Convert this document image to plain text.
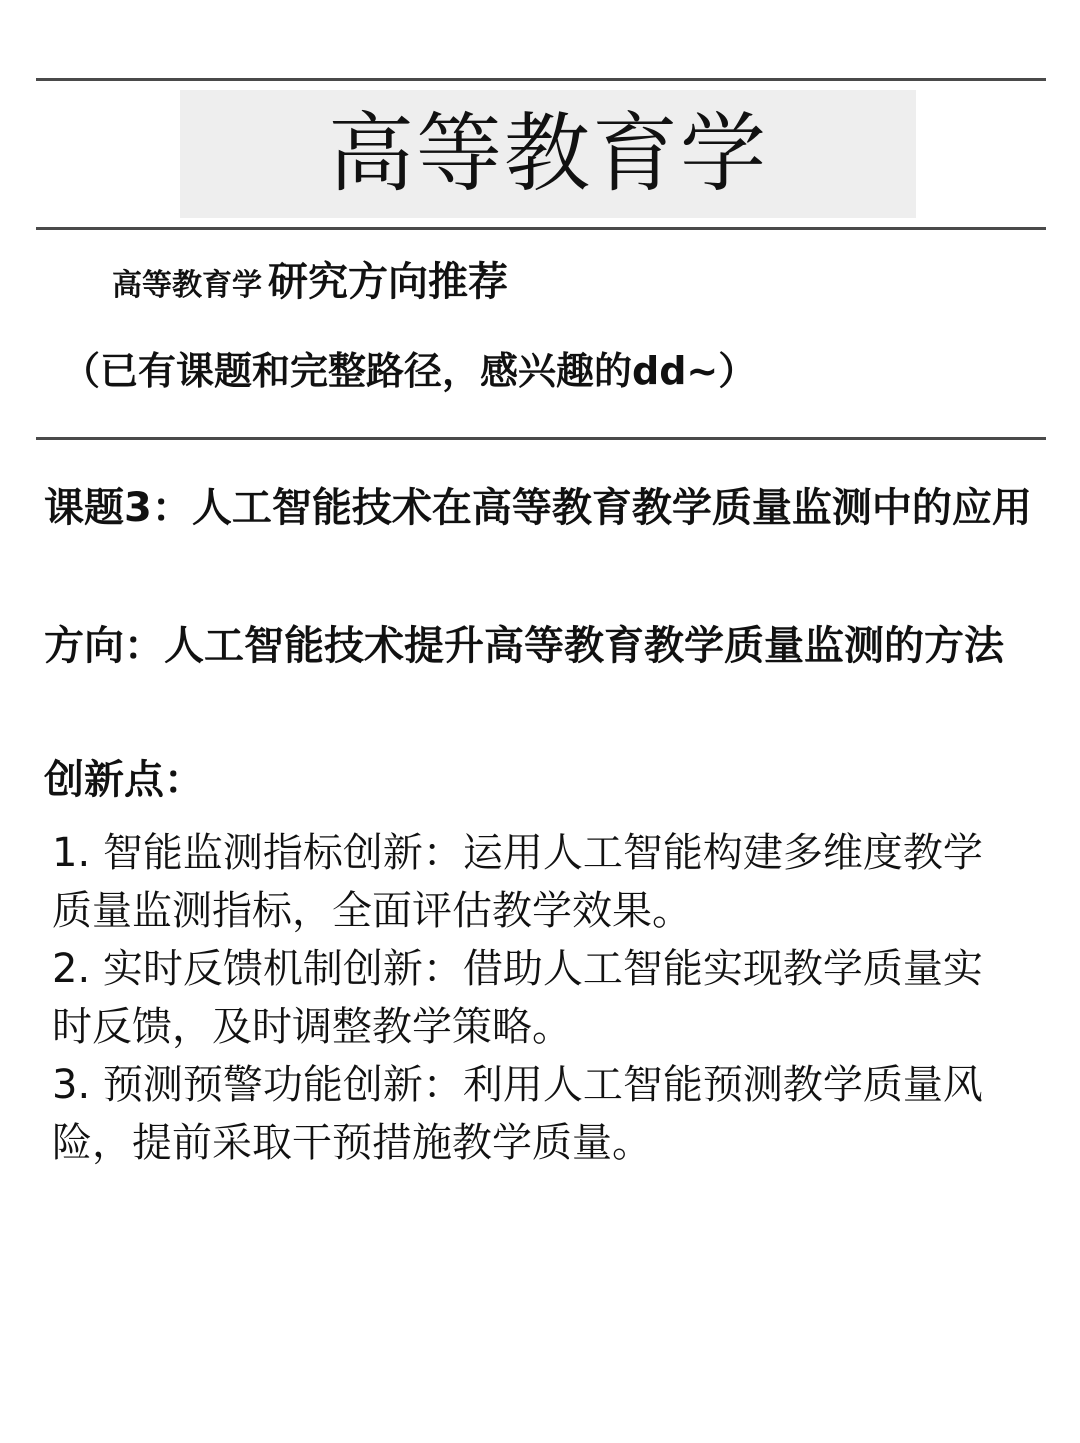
高等教育学
高等教育学 研究方向推荐
（已有课题和完整路径，感兴趣的dd~）
课题3：人工智能技术在高等教育教学质量监测中的应用
方向：人工智能技术提升高等教育教学质量监测的方法
创新点：
1. 智能监测指标创新：运用人工智能构建多维度教学质量监测指标，全面评估教学效果。
2. 实时反馈机制创新：借助人工智能实现教学质量实时反馈，及时调整教学策略。
3. 预测预警功能创新：利用人工智能预测教学质量风险，提前采取干预措施教学质量。
